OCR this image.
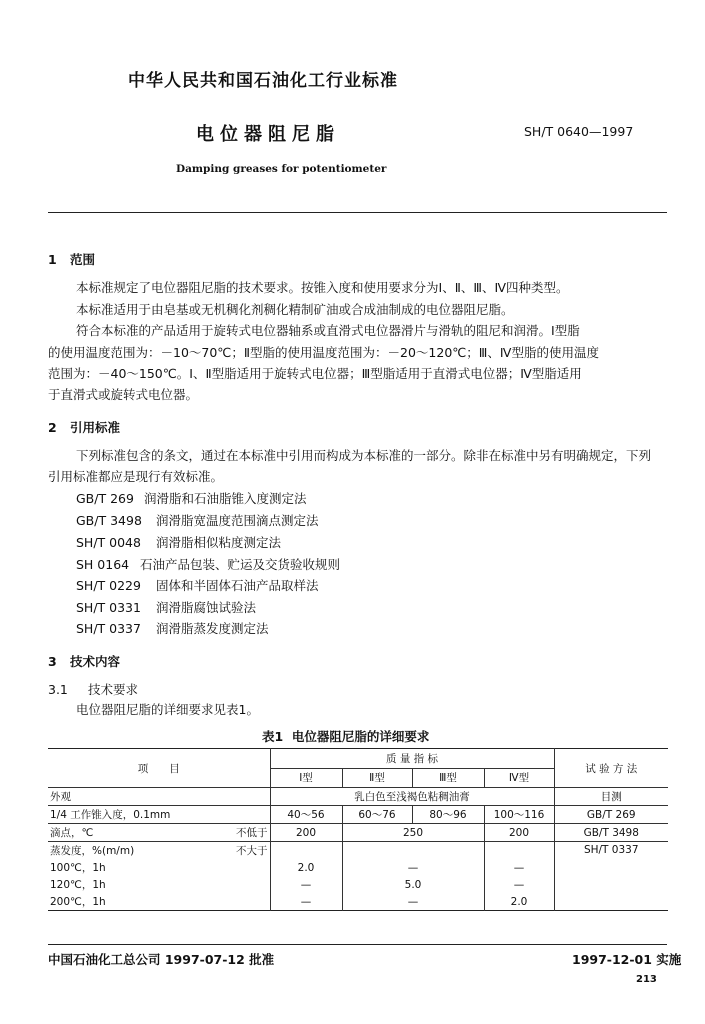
中华人民共和国石油化工行业标准
电位器阻尼脂	SH/T 0640—1997
Damping greases for potentiometer
1 范围
本标准规定了电位器阻尼脂的技术要求。按锥入度和使用要求分为Ⅰ、Ⅱ、Ⅲ、Ⅳ四种类型。
本标准适用于由皂基或无机稠化剂稠化精制矿油或合成油制成的电位器阻尼脂。
符合本标准的产品适用于旋转式电位器轴系或直滑式电位器滑片与滑轨的阻尼和润滑。Ⅰ型脂
的使用温度范围为：－10～70℃；Ⅱ型脂的使用温度范围为：－20～120℃；Ⅲ、Ⅳ型脂的使用温度
范围为：－40～150℃。Ⅰ、Ⅱ型脂适用于旋转式电位器；Ⅲ型脂适用于直滑式电位器；Ⅳ型脂适用
于直滑式或旋转式电位器。
2 引用标准
下列标准包含的条文，通过在本标准中引用而构成为本标准的一部分。除非在标准中另有明确规定，下列
引用标准都应是现行有效标准。
GB/T 269 润滑脂和石油脂锥入度测定法
GB/T 3498 润滑脂宽温度范围滴点测定法
SH/T 0048 润滑脂相似粘度测定法
SH 0164 石油产品包装、贮运及交货验收规则
SH/T 0229 固体和半固体石油产品取样法
SH/T 0331 润滑脂腐蚀试验法
SH/T 0337 润滑脂蒸发度测定法
3 技术内容
3.1 技术要求
电位器阻尼脂的详细要求见表1。
表1 电位器阻尼脂的详细要求
项　　目	质 量 指 标				试 验 方 法
	Ⅰ型	Ⅱ型	Ⅲ型	Ⅳ型	
外观	乳白色至浅褐色粘稠油膏				目测
1/4 工作锥入度，0.1mm	40～56	60～76	80～96	100～116	GB/T 269

滴点，℃ 不低于	200	250		200	GB/T 3498

蒸发度，%(m/m) 不大于					SH/T 0337
100℃，1h	2.0	—		—	
120℃，1h	—	5.0		—	
200℃，1h	—	—		2.0	
中国石油化工总公司 1997-07-12 批准	1997-12-01 实施
213
